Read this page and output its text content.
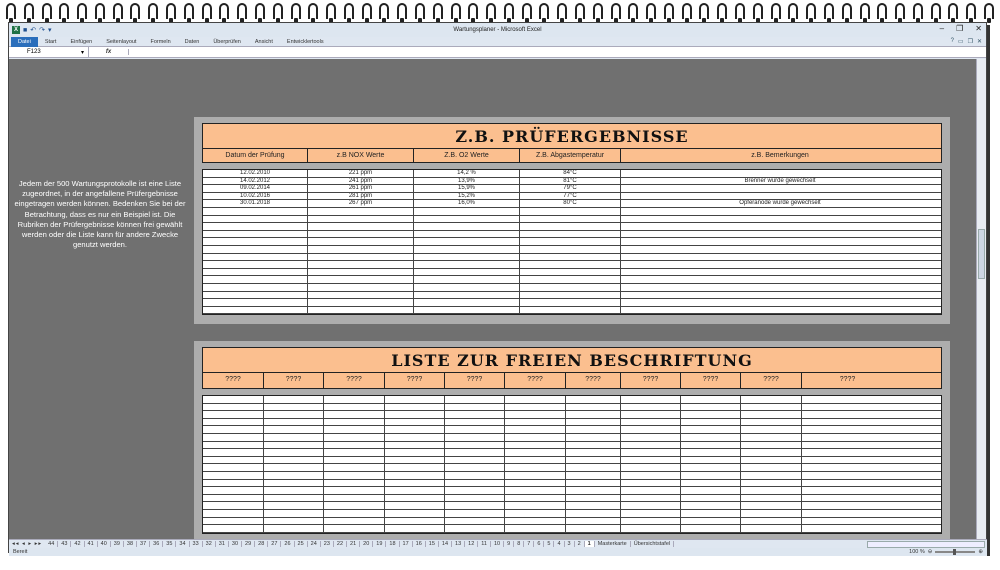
X ■ ↶ ↷ ▾	Wartungsplaner - Microsoft Excel	– ❐ ✕
Datei	Start	Einfügen	Seitenlayout	Formeln	Daten	Überprüfen	Ansicht	Entwicklertools	? ▭ ❐ ✕
F123	▾	fx
Jedem der 500 Wartungsprotokolle ist eine Liste zugeordnet, in der angefallene Prüfergebnisse eingetragen werden können. Bedenken Sie bei der Betrachtung, dass es nur ein Beispiel ist. Die Rubriken der Prüfergebnisse können frei gewählt werden oder die Liste kann für andere Zwecke genutzt werden.
Z.B. PRÜFERGEBNISSE
Datum der Prüfung	z.B NOX Werte	Z.B. O2 Werte	Z.B. Abgastemperatur	z.B. Bemerkungen
12.02.2010	221 ppm	14,2 %	84°C
14.02.2012	241 ppm	13,9%	81°C	Brenner wurde gewechselt
09.02.2014	261 ppm	15,9%	79°C
10.02.2016	281 ppm	15,2%	77°C
30.01.2018	267 ppm	16,0%	80°C	Opferanode wurde gewechselt
LISTE ZUR FREIEN BESCHRIFTUNG
????	????	????	????	????	????	????	????	????	????	????
◂◂ ◂ ▸ ▸▸	44	43	42	41	40	39	38	37	36	35	34	33	32	31	30	29	28	27	26	25	24	23	22	21	20	19	18	17	16	15	14	13	12	11	10	9	8	7	6	5	4	3	2	1	Masterkarte	Übersichtstafel
Bereit	100 % ⊖	⊕
